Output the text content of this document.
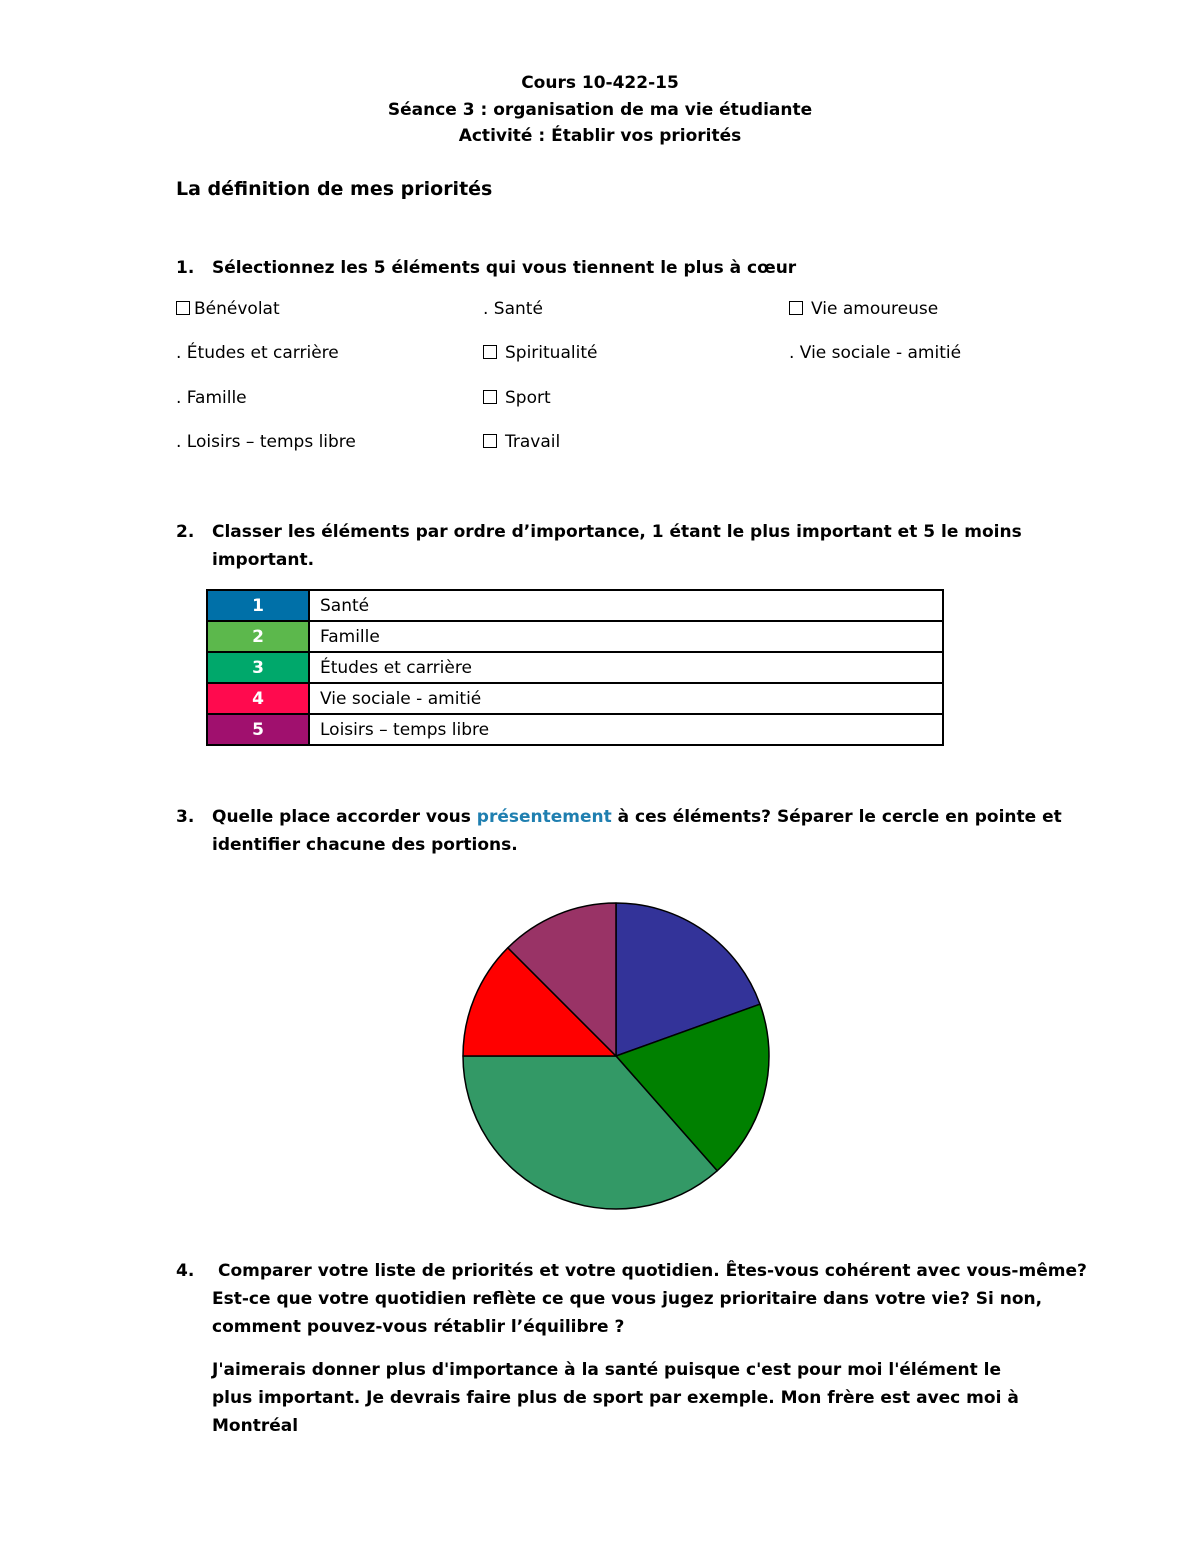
Cours 10-422-15
Séance 3 : organisation de ma vie étudiante
Activité : Établir vos priorités
La définition de mes priorités
1. Sélectionnez les 5 éléments qui vous tiennent le plus à cœur
Bénévolat	. Santé	Vie amoureuse
. Études et carrière	Spiritualité	. Vie sociale - amitié
. Famille	Sport
. Loisirs – temps libre	Travail
2. Classer les éléments par ordre d’importance, 1 étant le plus important et 5 le moins
important.
1	Santé
2	Famille
3	Études et carrière
4	Vie sociale - amitié
5	Loisirs – temps libre
3. Quelle place accorder vous présentement à ces éléments? Séparer le cercle en pointe et
identifier chacune des portions.
4. Comparer votre liste de priorités et votre quotidien. Êtes-vous cohérent avec vous-même?
Est-ce que votre quotidien reflète ce que vous jugez prioritaire dans votre vie? Si non,
comment pouvez-vous rétablir l’équilibre ?
J'aimerais donner plus d'importance à la santé puisque c'est pour moi l'élément le plus important. Je devrais faire plus de sport par exemple. Mon frère est avec moi à Montréal
